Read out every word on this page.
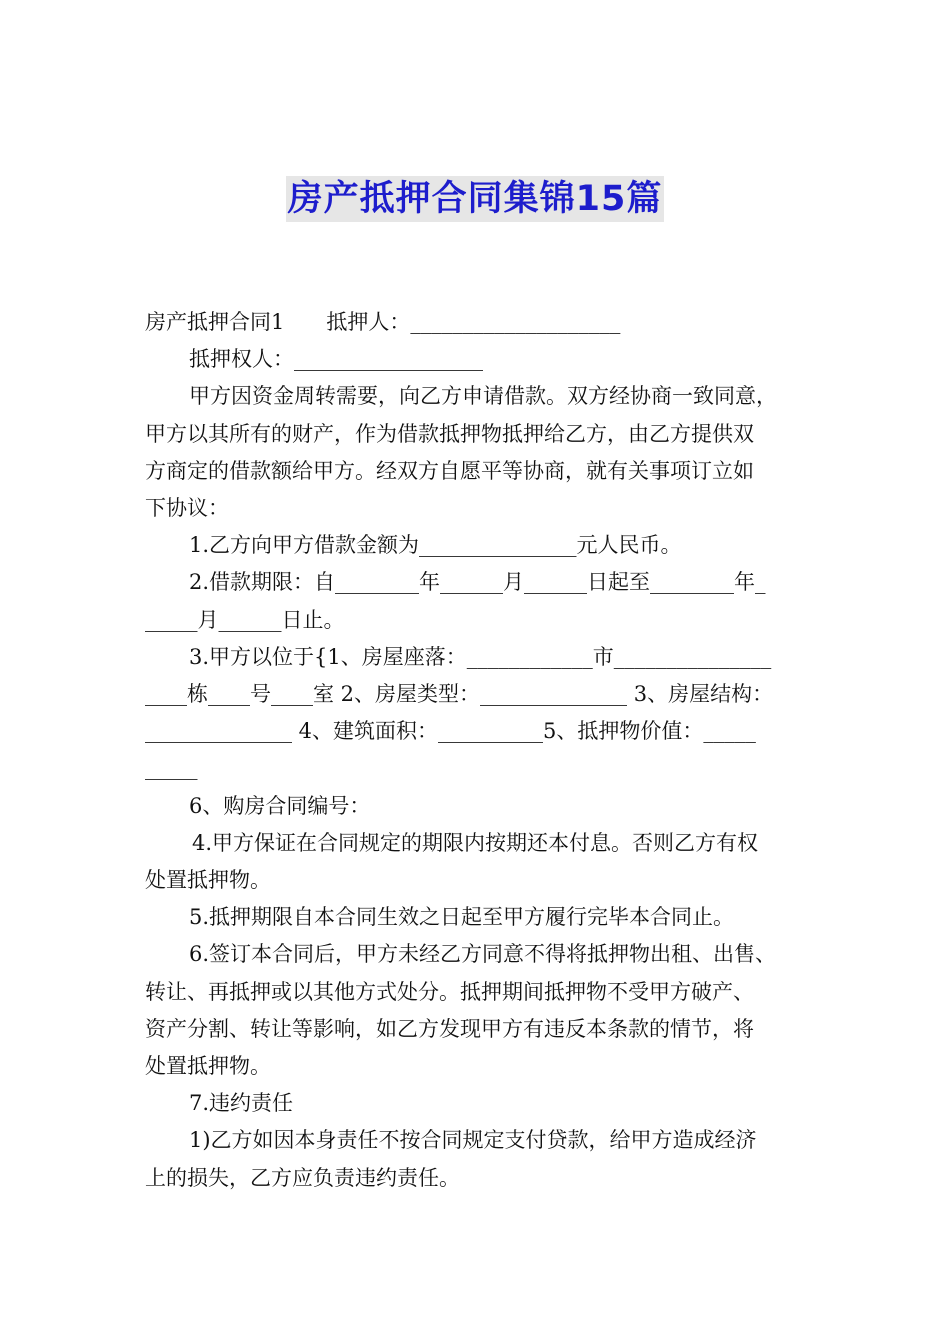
房产抵押合同集锦15篇

房产抵押合同1　　抵押人：____________________

抵押权人：__________________

甲方因资金周转需要，向乙方申请借款。双方经协商一致同意，

甲方以其所有的财产，作为借款抵押物抵押给乙方，由乙方提供双

方商定的借款额给甲方。经双方自愿平等协商，就有关事项订立如

下协议：

1.乙方向甲方借款金额为_______________元人民币。

2.借款期限：自________年______月______日起至________年_

_____月______日止。

3.甲方以位于{1、房屋座落：____________市_______________

____栋____号____室 2、房屋类型：______________ 3、房屋结构：

______________ 4、建筑面积：__________5、抵押物价值：_____

_____

6、购房合同编号：

4.甲方保证在合同规定的期限内按期还本付息。否则乙方有权

处置抵押物。

5.抵押期限自本合同生效之日起至甲方履行完毕本合同止。

6.签订本合同后，甲方未经乙方同意不得将抵押物出租、出售、

转让、再抵押或以其他方式处分。抵押期间抵押物不受甲方破产、

资产分割、转让等影响，如乙方发现甲方有违反本条款的情节，将

处置抵押物。

7.违约责任

1)乙方如因本身责任不按合同规定支付贷款，给甲方造成经济

上的损失，乙方应负责违约责任。
